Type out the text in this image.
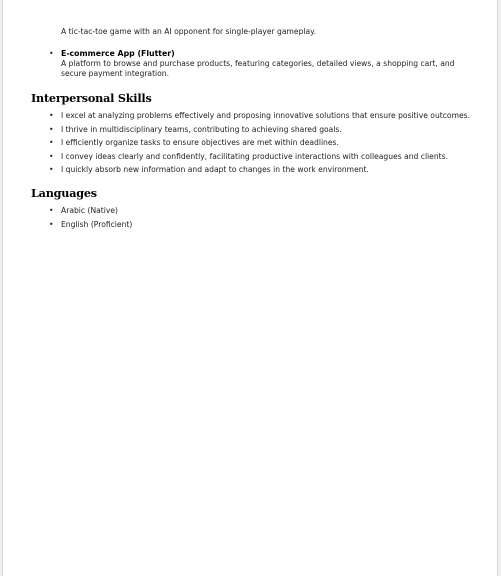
A tic-tac-toe game with an AI opponent for single-player gameplay.
• E-commerce App (Flutter)
A platform to browse and purchase products, featuring categories, detailed views, a shopping cart, and secure payment integration.
Interpersonal Skills
• I excel at analyzing problems effectively and proposing innovative solutions that ensure positive outcomes.
• I thrive in multidisciplinary teams, contributing to achieving shared goals.
• I efficiently organize tasks to ensure objectives are met within deadlines.
• I convey ideas clearly and confidently, facilitating productive interactions with colleagues and clients.
• I quickly absorb new information and adapt to changes in the work environment.
Languages
• Arabic (Native)
• English (Proficient)
